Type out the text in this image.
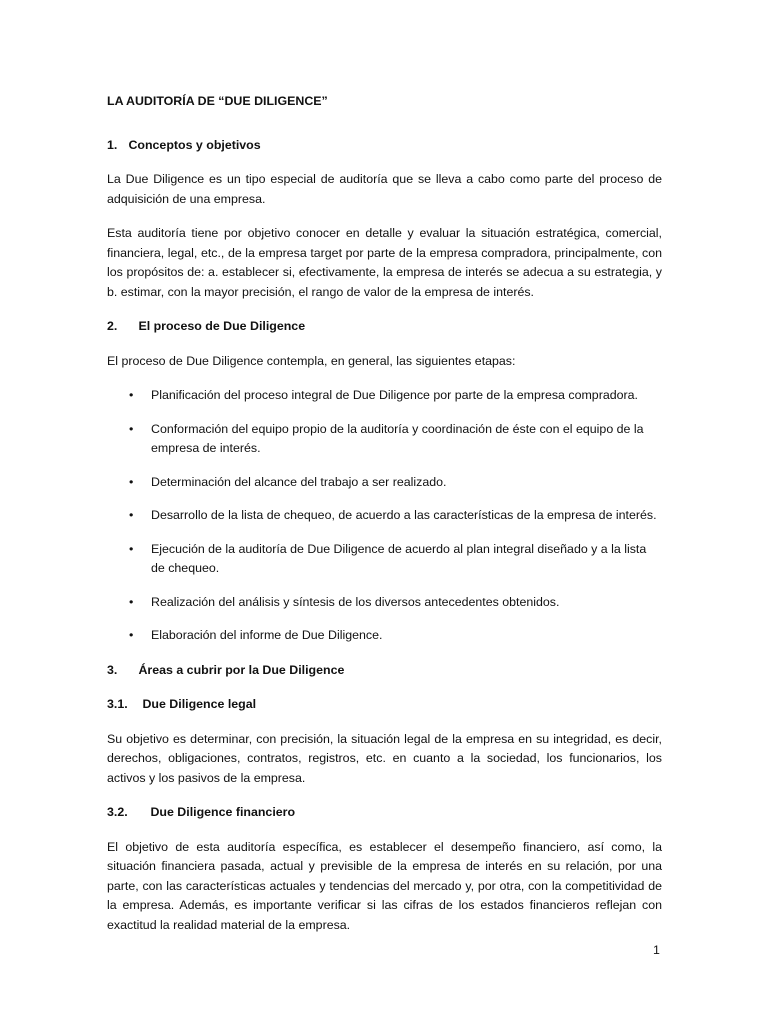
LA AUDITORÍA DE “DUE DILIGENCE”
1. Conceptos y objetivos

La Due Diligence es un tipo especial de auditoría que se lleva a cabo como parte del proceso de adquisición de una empresa.

Esta auditoría tiene por objetivo conocer en detalle y evaluar la situación estratégica, comercial, financiera, legal, etc., de la empresa target por parte de la empresa compradora, principalmente, con los propósitos de: a. establecer si, efectivamente, la empresa de interés se adecua a su estrategia, y b. estimar, con la mayor precisión, el rango de valor de la empresa de interés.

2. El proceso de Due Diligence

El proceso de Due Diligence contempla, en general, las siguientes etapas:

• Planificación del proceso integral de Due Diligence por parte de la empresa compradora.
• Conformación del equipo propio de la auditoría y coordinación de éste con el equipo de la empresa de interés.
• Determinación del alcance del trabajo a ser realizado.
• Desarrollo de la lista de chequeo, de acuerdo a las características de la empresa de interés.
• Ejecución de la auditoría de Due Diligence de acuerdo al plan integral diseñado y a la lista de chequeo.
• Realización del análisis y síntesis de los diversos antecedentes obtenidos.
• Elaboración del informe de Due Diligence.
3. Áreas a cubrir por la Due Diligence
3.1. Due Diligence legal

Su objetivo es determinar, con precisión, la situación legal de la empresa en su integridad, es decir, derechos, obligaciones, contratos, registros, etc. en cuanto a la sociedad, los funcionarios, los activos y los pasivos de la empresa.

3.2. Due Diligence financiero

El objetivo de esta auditoría específica, es establecer el desempeño financiero, así como, la situación financiera pasada, actual y previsible de la empresa de interés en su relación, por una parte, con las características actuales y tendencias del mercado y, por otra, con la competitividad de la empresa. Además, es importante verificar si las cifras de los estados financieros reflejan con exactitud la realidad material de la empresa.

1
